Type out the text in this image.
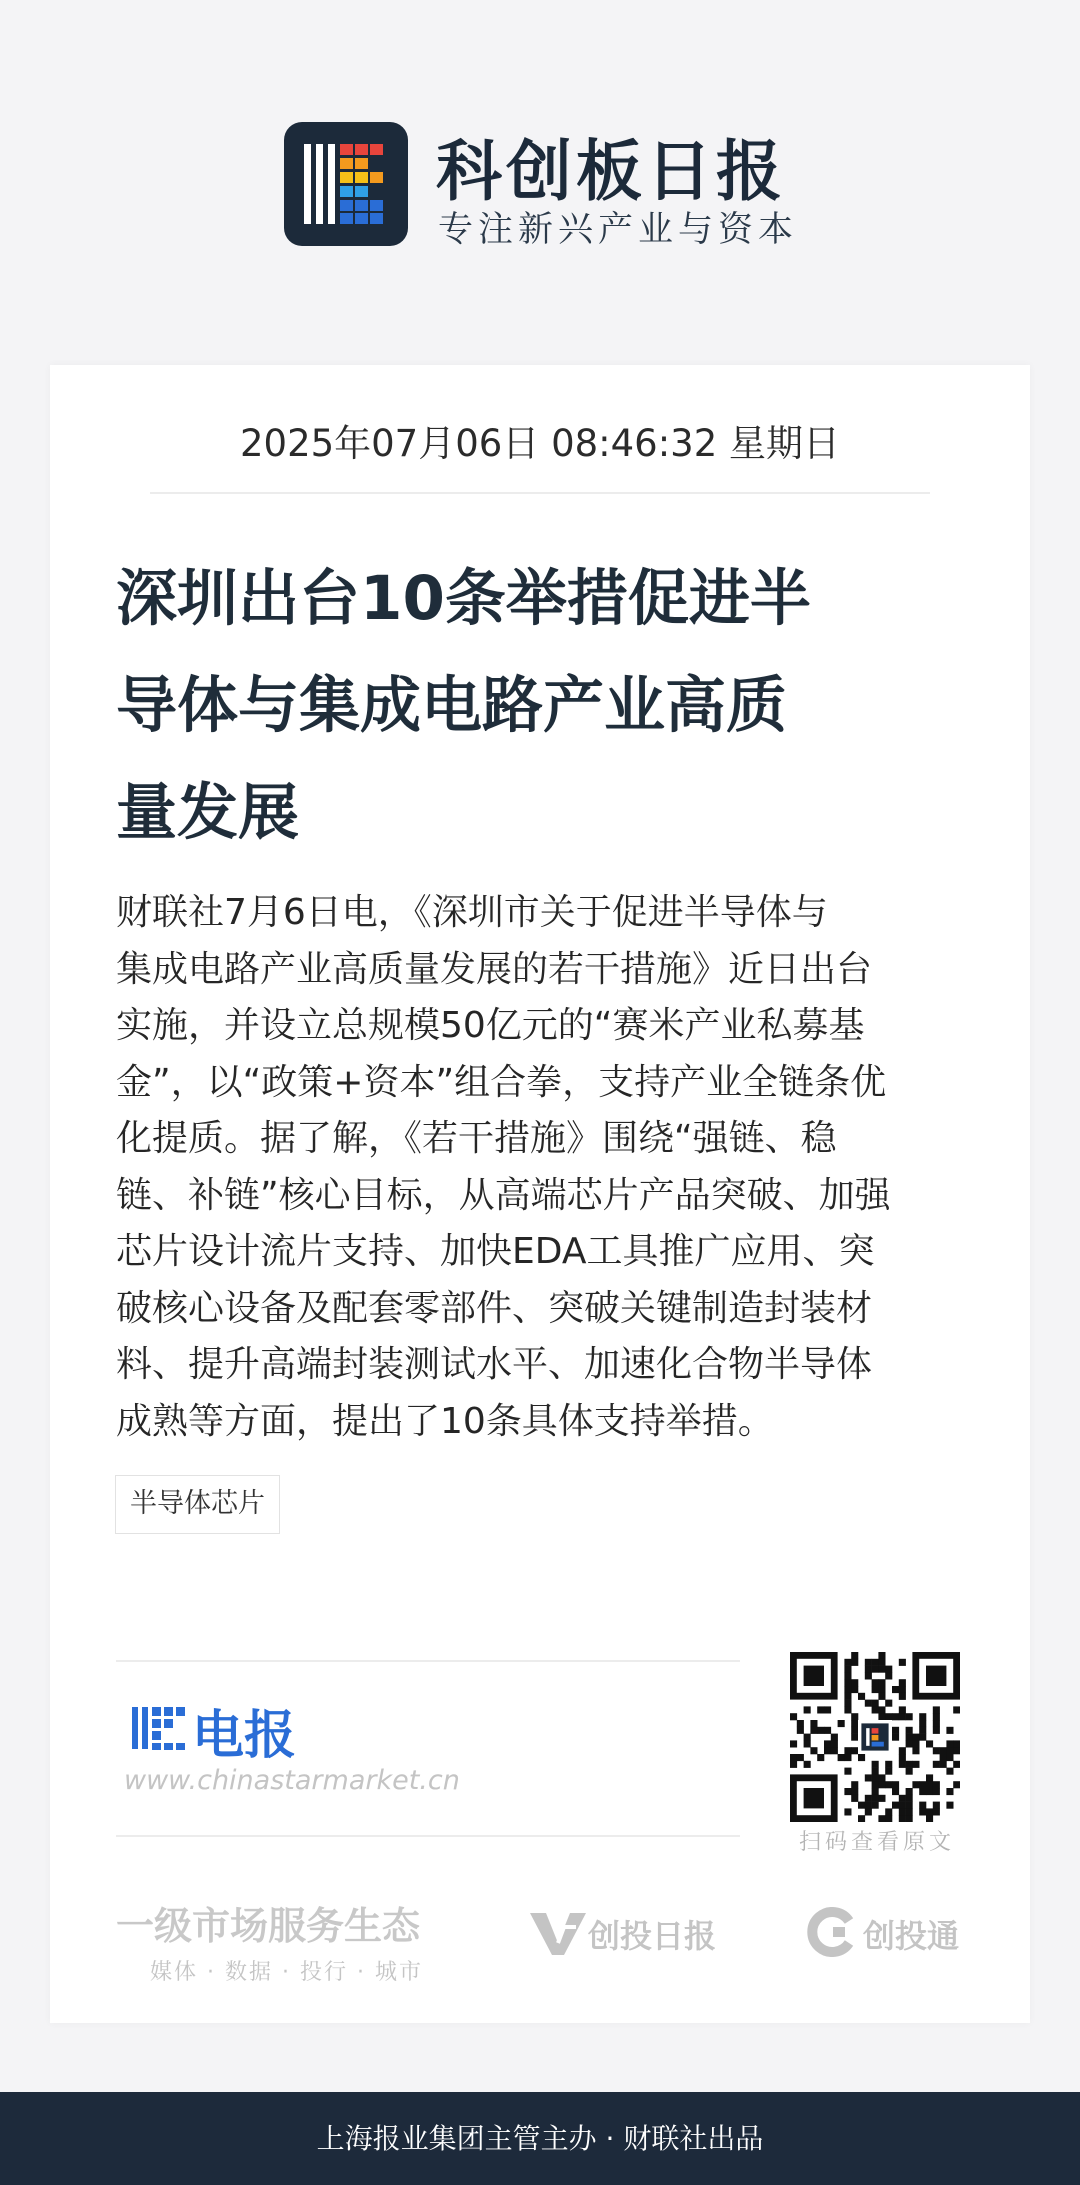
科创板日报
专注新兴产业与资本
2025年07月06日 08:46:32 星期日
深圳出台10条举措促进半
导体与集成电路产业高质
量发展
财联社7月6日电，《深圳市关于促进半导体与
集成电路产业高质量发展的若干措施》近日出台
实施，并设立总规模50亿元的“赛米产业私募基
金”，以“政策+资本”组合拳，支持产业全链条优
化提质。据了解，《若干措施》围绕“强链、稳
链、补链”核心目标，从高端芯片产品突破、加强
芯片设计流片支持、加快EDA工具推广应用、突
破核心设备及配套零部件、突破关键制造封装材
料、提升高端封装测试水平、加速化合物半导体
成熟等方面，提出了10条具体支持举措。
半导体芯片
电报
www.chinastarmarket.cn
扫码查看原文
一级市场服务生态
媒体 · 数据 · 投行 · 城市
创投日报	创投通
上海报业集团主管主办 · 财联社出品
